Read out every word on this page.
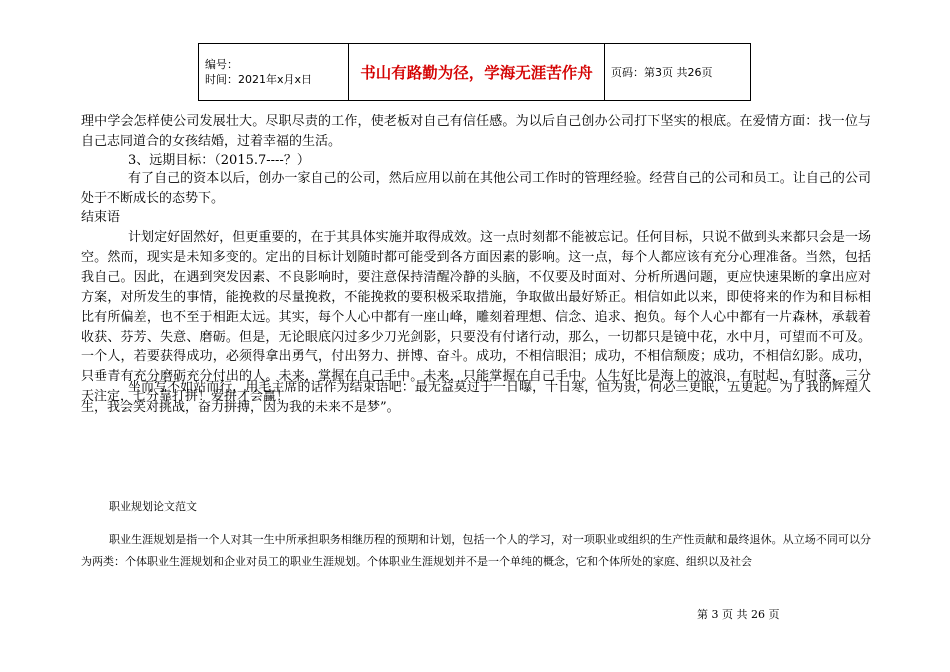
编号：
时间：2021年x月x日	书山有路勤为径，学海无涯苦作舟	页码：第3页 共26页

理中学会怎样使公司发展壮大。尽职尽责的工作，使老板对自己有信任感。为以后自己创办公司打下坚实的根底。在爱情方面：找一位与自己志同道合的女孩结婚，过着幸福的生活。

3、远期目标：（2015.7----？）

有了自己的资本以后，创办一家自己的公司，然后应用以前在其他公司工作时的管理经验。经营自己的公司和员工。让自己的公司处于不断成长的态势下。

结束语

计划定好固然好，但更重要的，在于其具体实施并取得成效。这一点时刻都不能被忘记。任何目标，只说不做到头来都只会是一场空。然而，现实是未知多变的。定出的目标计划随时都可能受到各方面因素的影响。这一点，每个人都应该有充分心理准备。当然，包括我自己。因此，在遇到突发因素、不良影响时，要注意保持清醒冷静的头脑，不仅要及时面对、分析所遇问题，更应快速果断的拿出应对方案，对所发生的事情，能挽救的尽量挽救，不能挽救的要积极采取措施，争取做出最好矫正。相信如此以来，即使将来的作为和目标相比有所偏差，也不至于相距太远。其实，每个人心中都有一座山峰，雕刻着理想、信念、追求、抱负。每个人心中都有一片森林，承载着收获、芬芳、失意、磨砺。但是，无论眼底闪过多少刀光剑影，只要没有付诸行动，那么，一切都只是镜中花，水中月，可望而不可及。一个人，若要获得成功，必须得拿出勇气，付出努力、拼博、奋斗。成功，不相信眼泪；成功，不相信颓废；成功，不相信幻影。成功，只垂青有充分磨砺充分付出的人。未来，掌握在自己手中。未来，只能掌握在自己手中。人生好比是海上的波浪，有时起，有时落，三分天注定，七分靠打拼！爱拼才会赢！

坐而写不如站而行，用毛主席的话作为结束语吧：最无益莫过于一日曝，十日寒，恒为贵，何必三更眠，五更起。为了我的辉煌人生，我会笑对挑战，奋力拼搏，因为我的未来不是梦”。

职业规划论文范文

职业生涯规划是指一个人对其一生中所承担职务相继历程的预期和计划，包括一个人的学习，对一项职业或组织的生产性贡献和最终退休。从立场不同可以分为两类：个体职业生涯规划和企业对员工的职业生涯规划。个体职业生涯规划并不是一个单纯的概念，它和个体所处的家庭、组织以及社会

第 3 页 共 26 页
